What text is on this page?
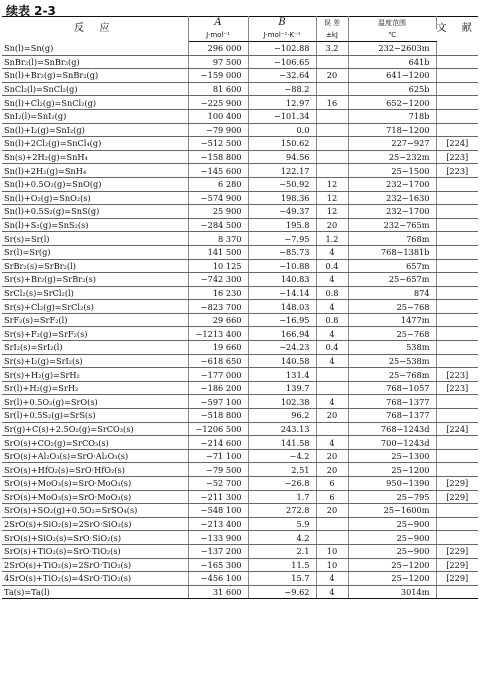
续表 2-3
反 应	A	B	误 差	温度范围	文 献
	J·mol⁻¹	J·mol⁻¹·K⁻¹	±kJ	℃	
Sn(l)=Sn(g)	296 000	−102.88	3.2	232−2603m	
SnBr₂(l)=SnBr₂(g)	97 500	−106.65		641b	
Sn(l)+Br₂(g)=SnBr₂(g)	−159 000	−32.64	20	641−1200	
SnCl₂(l)=SnCl₂(g)	81 600	−88.2		625b	
Sn(l)+Cl₂(g)=SnCl₂(g)	−225 900	12.97	16	652−1200	
SnI₂(l)=SnI₂(g)	100 400	−101.34		718b	
Sn(l)+I₂(g)=SnI₂(g)	−79 900	0.0		718−1200	
Sn(l)+2Cl₂(g)=SnCl₄(g)	−512 500	150.62		227−927	[224]
Sn(s)+2H₂(g)=SnH₄	−158 800	94.56		25−232m	[223]
Sn(l)+2H₂(g)=SnH₄	−145 600	122.17		25−1500	[223]
Sn(l)+0.5O₂(g)=SnO(g)	6 280	−50.92	12	232−1700	
Sn(l)+O₂(g)=SnO₂(s)	−574 900	198.36	12	232−1630	
Sn(l)+0.5S₂(g)=SnS(g)	25 900	−49.37	12	232−1700	
Sn(l)+S₂(g)=SnS₂(s)	−284 500	195.8	20	232−765m	
Sr(s)=Sr(l)	8 370	−7.95	1.2	768m	
Sr(l)=Sr(g)	141 500	−85.73	4	768−1381b	
SrBr₂(s)=SrBr₂(l)	10 125	−10.88	0.4	657m	
Sr(s)+Br₂(g)=SrBr₂(s)	−742 300	140.83	4	25−657m	
SrCl₂(s)=SrCl₂(l)	16 230	−14.14	0.8	874	
Sr(s)+Cl₂(g)=SrCl₂(s)	−823 700	148.03	4	25−768	
SrF₂(s)=SrF₂(l)	29 660	−16.95	0.8	1477m	
Sr(s)+F₂(g)=SrF₂(s)	−1213 400	166.94	4	25−768	
SrI₂(s)=SrI₂(l)	19 660	−24.23	0.4	538m	
Sr(s)+I₂(g)=SrI₂(s)	−618 650	140.58	4	25−538m	
Sr(s)+H₂(g)=SrH₂	−177 000	131.4		25−768m	[223]
Sr(l)+H₂(g)=SrH₂	−186 200	139.7		768−1057	[223]
Sr(l)+0.5O₂(g)=SrO(s)	−597 100	102.38	4	768−1377	
Sr(l)+0.5S₂(g)=SrS(s)	−518 800	96.2	20	768−1377	
Sr(g)+C(s)+2.5O₂(g)=SrCO₃(s)	−1206 500	243.13		768−1243d	[224]
SrO(s)+CO₂(g)=SrCO₃(s)	−214 600	141.58	4	700−1243d	
SrO(s)+Al₂O₃(s)=SrO·Al₂O₃(s)	−71 100	−4.2	20	25−1300	
SrO(s)+HfO₂(s)=SrO·HfO₂(s)	−79 500	2.51	20	25−1200	
SrO(s)+MoO₃(s)=SrO·MoO₃(s)	−52 700	−26.8	6	950−1390	[229]
SrO(s)+MoO₃(s)=SrO·MoO₃(s)	−211 300	1.7	6	25−795	[229]
SrO(s)+SO₂(g)+0.5O₂=SrSO₄(s)	−548 100	272.8	20	25−1600m	
2SrO(s)+SiO₂(s)=2SrO·SiO₂(s)	−213 400	5.9		25−900	
SrO(s)+SiO₂(s)=SrO·SiO₂(s)	−133 900	4.2		25−900	
SrO(s)+TiO₂(s)=SrO·TiO₂(s)	−137 200	2.1	10	25−900	[229]
2SrO(s)+TiO₂(s)=2SrO·TiO₂(s)	−165 300	11.5	10	25−1200	[229]
4SrO(s)+TiO₂(s)=4SrO·TiO₂(s)	−456 100	15.7	4	25−1200	[229]
Ta(s)=Ta(l)	31 600	−9.62	4	3014m	
